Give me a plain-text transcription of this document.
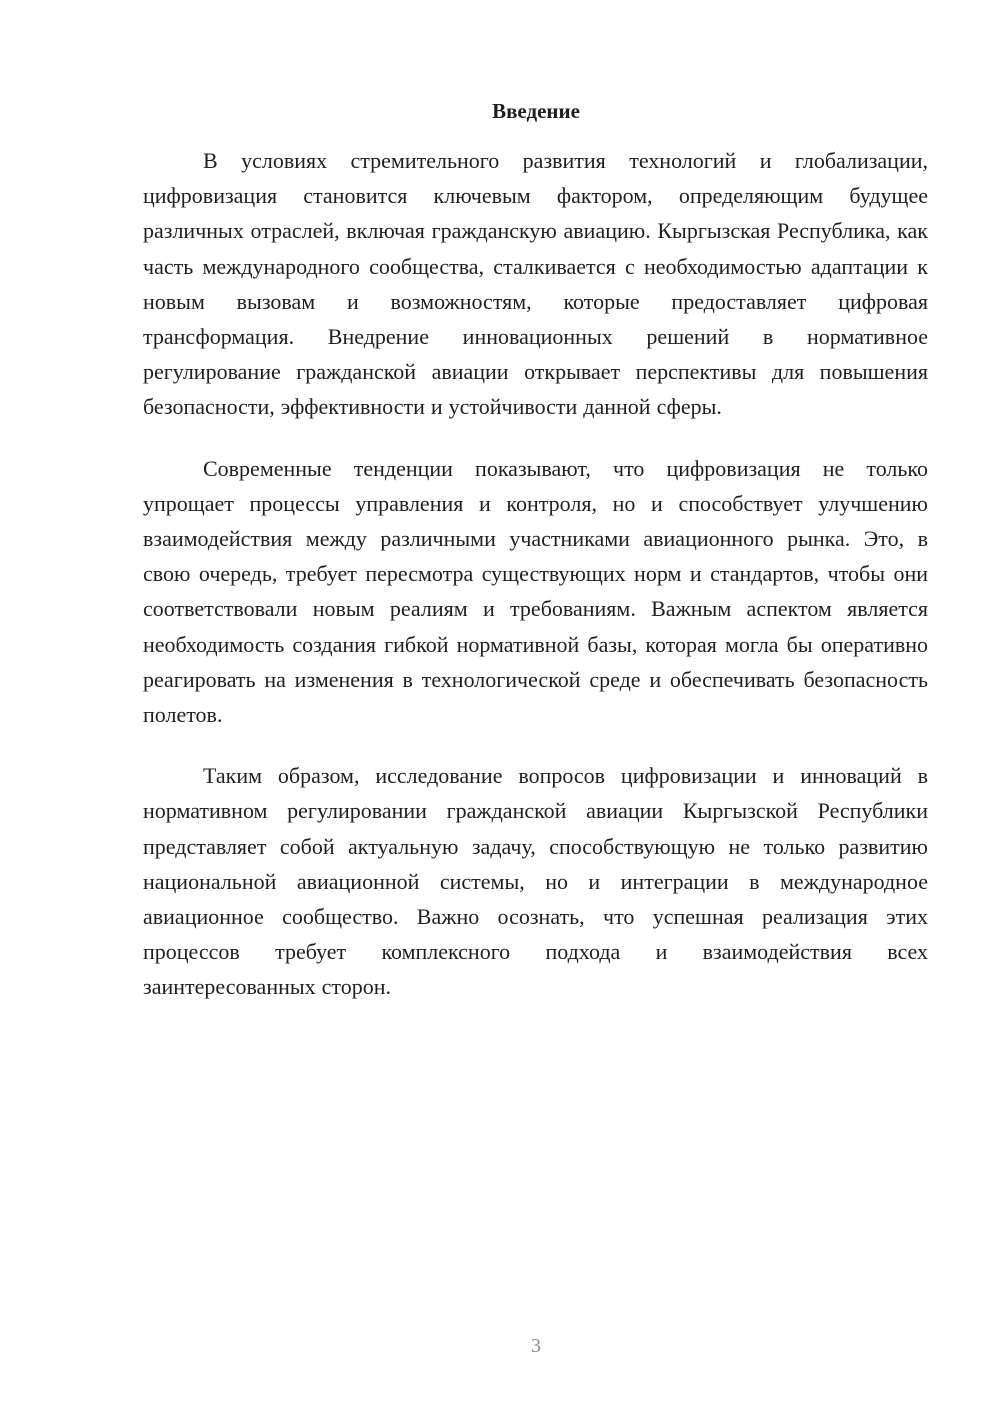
Введение

В условиях стремительного развития технологий и глобализации, цифровизация становится ключевым фактором, определяющим будущее различных отраслей, включая гражданскую авиацию. Кыргызская Республика, как часть международного сообщества, сталкивается с необходимостью адаптации к новым вызовам и возможностям, которые предоставляет цифровая трансформация. Внедрение инновационных решений в нормативное регулирование гражданской авиации открывает перспективы для повышения безопасности, эффективности и устойчивости данной сферы.

Современные тенденции показывают, что цифровизация не только упрощает процессы управления и контроля, но и способствует улучшению взаимодействия между различными участниками авиационного рынка. Это, в свою очередь, требует пересмотра существующих норм и стандартов, чтобы они соответствовали новым реалиям и требованиям. Важным аспектом является необходимость создания гибкой нормативной базы, которая могла бы оперативно реагировать на изменения в технологической среде и обеспечивать безопасность полетов.

Таким образом, исследование вопросов цифровизации и инноваций в нормативном регулировании гражданской авиации Кыргызской Республики представляет собой актуальную задачу, способствующую не только развитию национальной авиационной системы, но и интеграции в международное авиационное сообщество. Важно осознать, что успешная реализация этих процессов требует комплексного подхода и взаимодействия всех заинтересованных сторон.

3
